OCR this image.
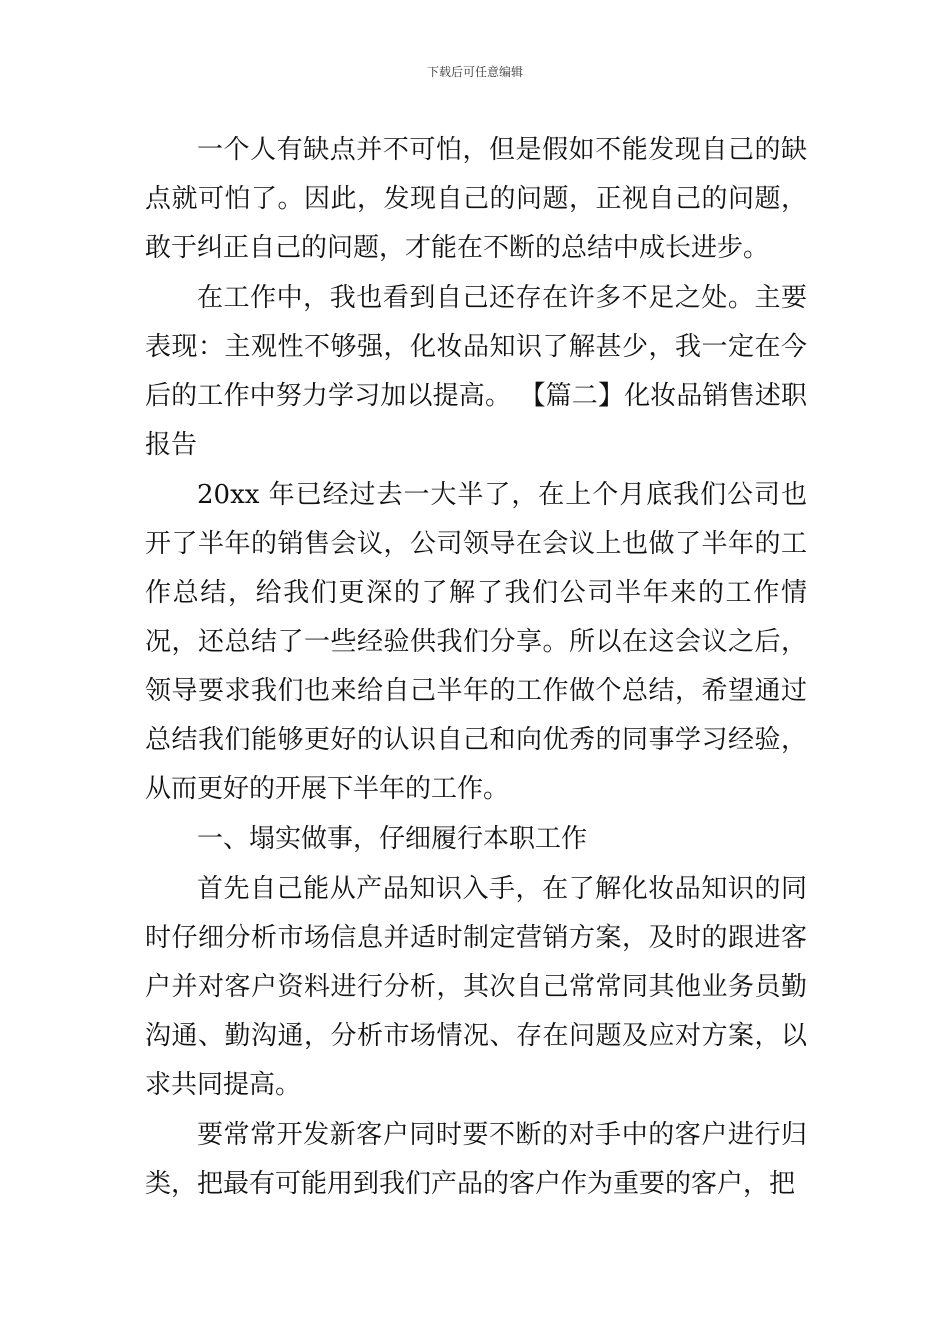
下载后可任意编辑

一个人有缺点并不可怕，但是假如不能发现自己的缺点就可怕了。因此，发现自己的问题，正视自己的问题，敢于纠正自己的问题，才能在不断的总结中成长进步。

在工作中，我也看到自己还存在许多不足之处。主要表现：主观性不够强，化妆品知识了解甚少，我一定在今后的工作中努力学习加以提高。 【篇二】化妆品销售述职报告

20xx 年已经过去一大半了，在上个月底我们公司也开了半年的销售会议，公司领导在会议上也做了半年的工作总结，给我们更深的了解了我们公司半年来的工作情况，还总结了一些经验供我们分享。所以在这会议之后，领导要求我们也来给自己半年的工作做个总结，希望通过总结我们能够更好的认识自己和向优秀的同事学习经验，从而更好的开展下半年的工作。

一、塌实做事，仔细履行本职工作

首先自己能从产品知识入手，在了解化妆品知识的同时仔细分析市场信息并适时制定营销方案，及时的跟进客户并对客户资料进行分析，其次自己常常同其他业务员勤沟通、勤沟通，分析市场情况、存在问题及应对方案，以求共同提高。

要常常开发新客户同时要不断的对手中的客户进行归类，把最有可能用到我们产品的客户作为重要的客户，把
